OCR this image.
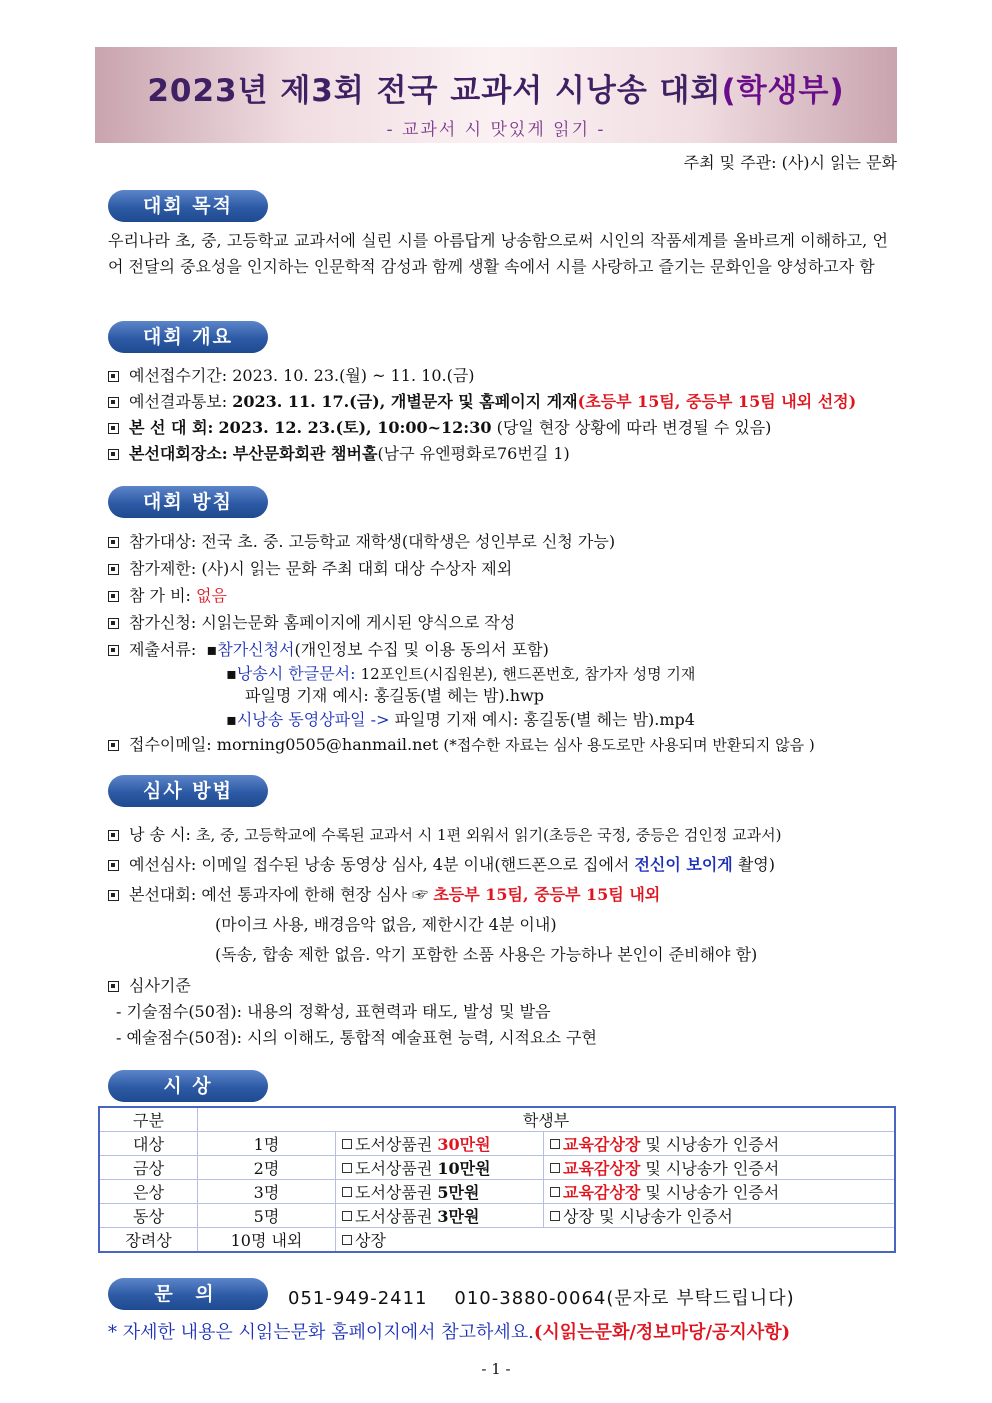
2023년 제3회 전국 교과서 시낭송 대회(학생부)
- 교과서 시 맛있게 읽기 -
주최 및 주관: (사)시 읽는 문화
대회 목적
우리나라 초, 중, 고등학교 교과서에 실린 시를 아름답게 낭송함으로써 시인의 작품세계를 올바르게 이해하고, 언어 전달의 중요성을 인지하는 인문학적 감성과 함께 생활 속에서 시를 사랑하고 즐기는 문화인을 양성하고자 함
대회 개요
예선접수기간: 2023. 10. 23.(월) ~ 11. 10.(금)
예선결과통보: 2023. 11. 17.(금), 개별문자 및 홈페이지 게재(초등부 15팀, 중등부 15팀 내외 선정)
본 선 대 회: 2023. 12. 23.(토), 10:00~12:30 (당일 현장 상황에 따라 변경될 수 있음)
본선대회장소: 부산문화회관 챔버홀(남구 유엔평화로76번길 1)
대회 방침
참가대상: 전국 초. 중. 고등학교 재학생(대학생은 성인부로 신청 가능)
참가제한: (사)시 읽는 문화 주최 대회 대상 수상자 제외
참 가 비: 없음
참가신청: 시읽는문화 홈페이지에 게시된 양식으로 작성
제출서류: ▪참가신청서(개인정보 수집 및 이용 동의서 포함)
▪낭송시 한글문서: 12포인트(시집원본), 핸드폰번호, 참가자 성명 기재
파일명 기재 예시: 홍길동(별 헤는 밤).hwp
▪시낭송 동영상파일 -> 파일명 기재 예시: 홍길동(별 헤는 밤).mp4
접수이메일: morning0505@hanmail.net (*접수한 자료는 심사 용도로만 사용되며 반환되지 않음 )
심사 방법
낭 송 시: 초, 중, 고등학교에 수록된 교과서 시 1편 외워서 읽기(초등은 국정, 중등은 검인정 교과서)
예선심사: 이메일 접수된 낭송 동영상 심사, 4분 이내(핸드폰으로 집에서 전신이 보이게 촬영)
본선대회: 예선 통과자에 한해 현장 심사 ☞ 초등부 15팀, 중등부 15팀 내외
(마이크 사용, 배경음악 없음, 제한시간 4분 이내)
(독송, 합송 제한 없음. 악기 포함한 소품 사용은 가능하나 본인이 준비해야 함)
심사기준
- 기술점수(50점): 내용의 정확성, 표현력과 태도, 발성 및 발음
- 예술점수(50점): 시의 이해도, 통합적 예술표현 능력, 시적요소 구현
시 상
구분	학생부		
대상	1명	도서상품권 30만원	교육감상장 및 시낭송가 인증서
금상	2명	도서상품권 10만원	교육감상장 및 시낭송가 인증서
은상	3명	도서상품권 5만원	교육감상장 및 시낭송가 인증서
동상	5명	도서상품권 3만원	상장 및 시낭송가 인증서
장려상	10명 내외	상장	
문 의	051-949-2411    010-3880-0064(문자로 부탁드립니다)
* 자세한 내용은 시읽는문화 홈페이지에서 참고하세요.(시읽는문화/정보마당/공지사항)
- 1 -
